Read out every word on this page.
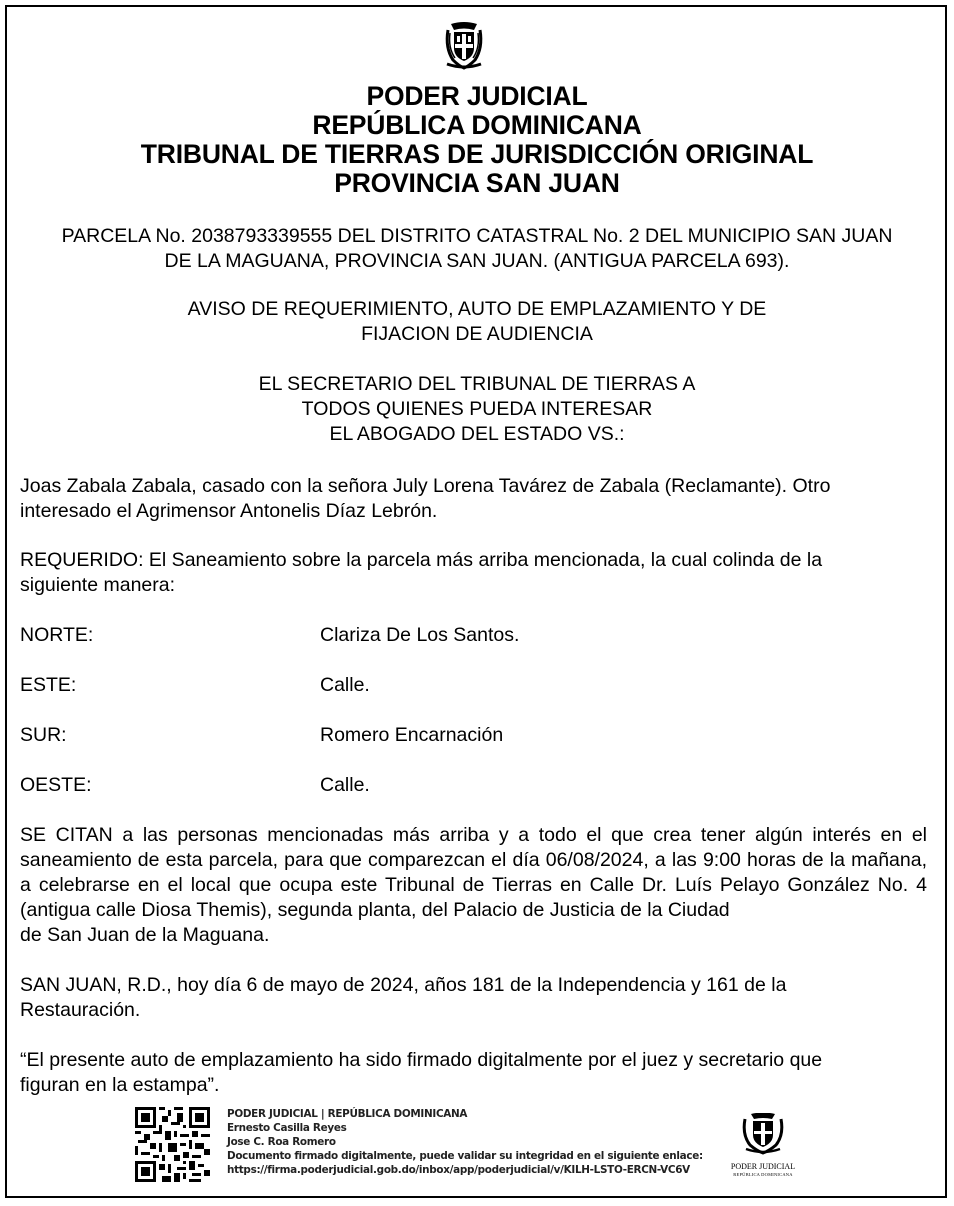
PODER JUDICIAL
REPÚBLICA DOMINICANA
TRIBUNAL DE TIERRAS DE JURISDICCIÓN ORIGINAL
PROVINCIA SAN JUAN
PARCELA No. 2038793339555 DEL DISTRITO CATASTRAL No. 2 DEL MUNICIPIO SAN JUAN
DE LA MAGUANA, PROVINCIA SAN JUAN. (ANTIGUA PARCELA 693).
AVISO DE REQUERIMIENTO, AUTO DE EMPLAZAMIENTO Y DE
FIJACION DE AUDIENCIA
EL SECRETARIO DEL TRIBUNAL DE TIERRAS A
TODOS QUIENES PUEDA INTERESAR
EL ABOGADO DEL ESTADO VS.:
Joas Zabala Zabala, casado con la señora July Lorena Tavárez de Zabala (Reclamante). Otro
interesado el Agrimensor Antonelis Díaz Lebrón.
REQUERIDO: El Saneamiento sobre la parcela más arriba mencionada, la cual colinda de la
siguiente manera:
NORTE:	Clariza De Los Santos.
ESTE:	Calle.
SUR:	Romero Encarnación
OESTE:	Calle.
SE CITAN a las personas mencionadas más arriba y a todo el que crea tener algún interés en el saneamiento de esta parcela, para que comparezcan el día 06/08/2024, a las 9:00 horas de la mañana, a celebrarse en el local que ocupa este Tribunal de Tierras en Calle Dr. Luís Pelayo González No. 4 (antigua calle Diosa Themis), segunda planta, del Palacio de Justicia de la Ciudad
de San Juan de la Maguana.
SAN JUAN, R.D., hoy día 6 de mayo de 2024, años 181 de la Independencia y 161 de la
Restauración.
“El presente auto de emplazamiento ha sido firmado digitalmente por el juez y secretario que
figuran en la estampa”.
PODER JUDICIAL | REPÚBLICA DOMINICANA
Ernesto Casilla Reyes
Jose C. Roa Romero
Documento firmado digitalmente, puede validar su integridad en el siguiente enlace:
https://firma.poderjudicial.gob.do/inbox/app/poderjudicial/v/KILH-LSTO-ERCN-VC6V	PODER JUDICIAL
REPÚBLICA DOMINICANA
